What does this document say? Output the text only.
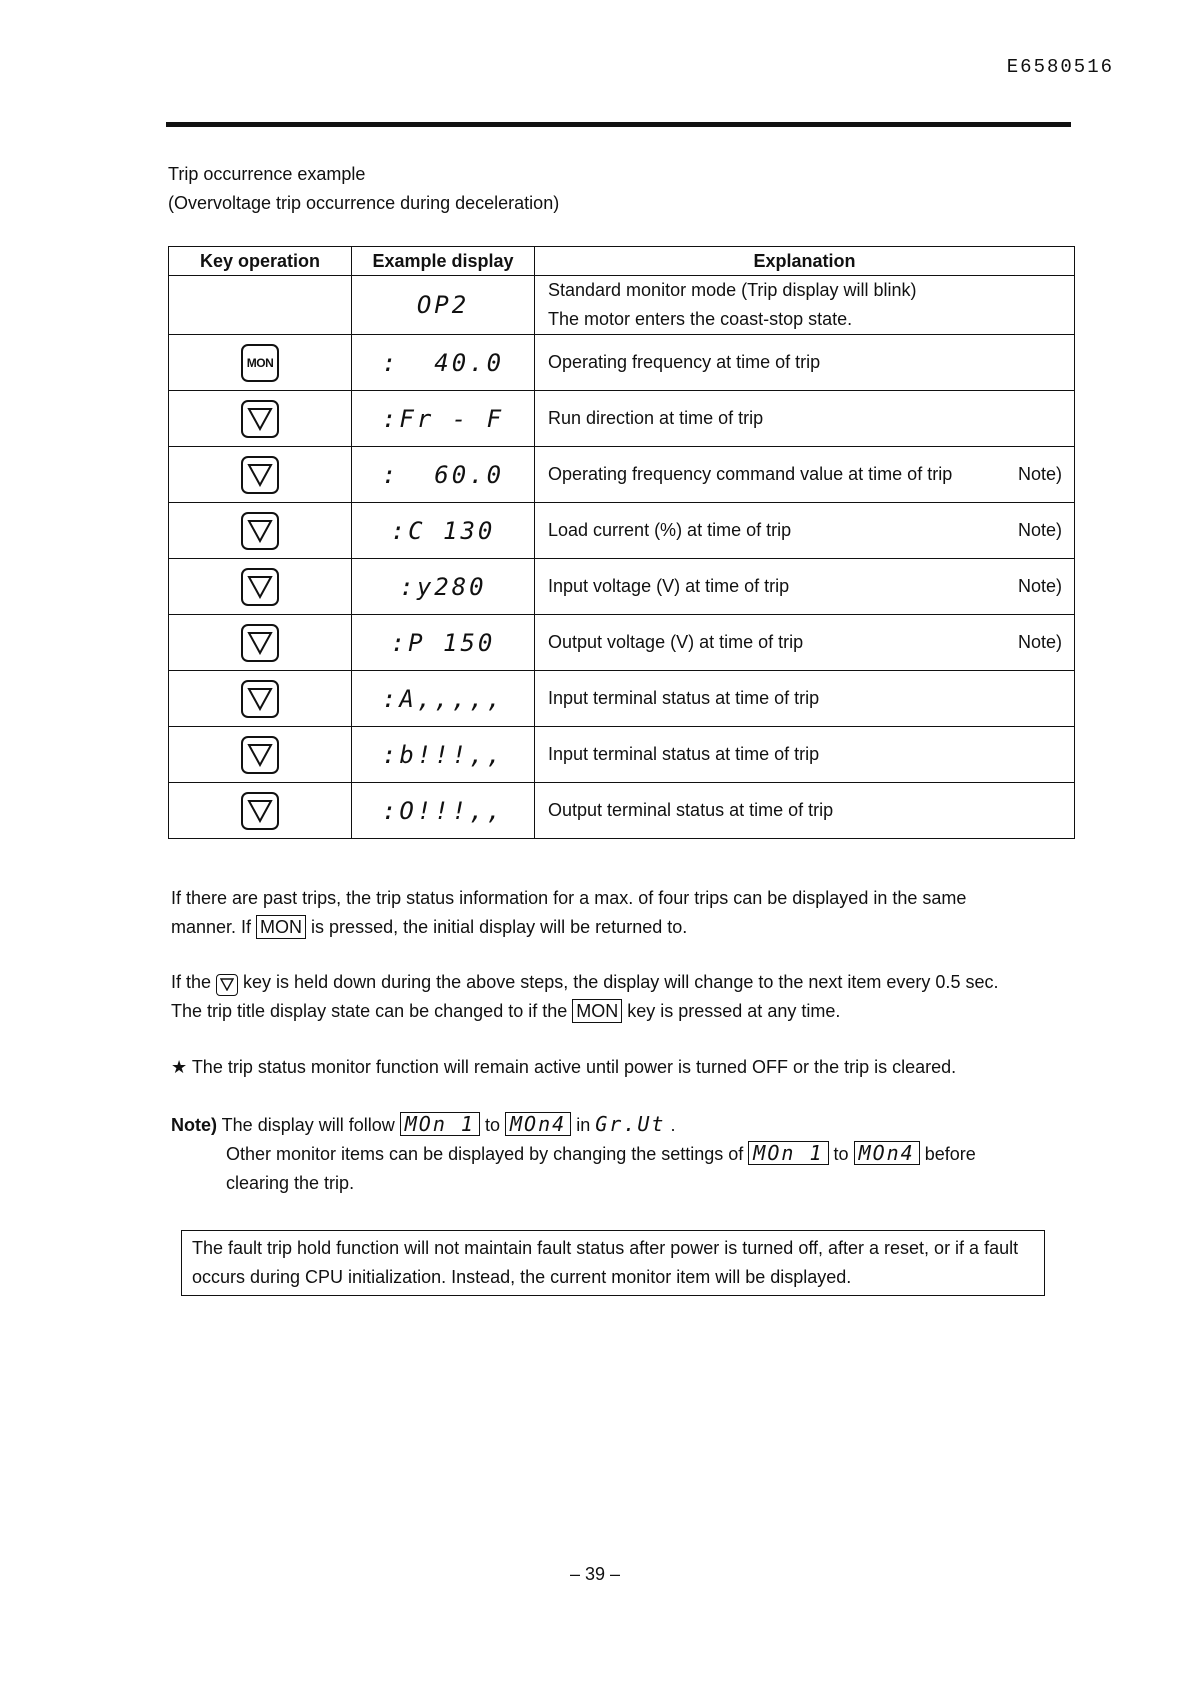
E6580516
Trip occurrence example
(Overvoltage trip occurrence during deceleration)
Key operation	Example display	Explanation
	OP2	Standard monitor mode (Trip display will blink)
The motor enters the coast-stop state.

MON	:  40.0	Operating frequency at time of trip

	:Fr - F	Run direction at time of trip

	:  60.0	Operating frequency command value at time of trip Note)

	:C 130	Load current (%) at time of trip Note)

	:y280	Input voltage (V) at time of trip Note)

	:P 150	Output voltage (V) at time of trip Note)

	:A,,,,,	Input terminal status at time of trip

	:b!!!,,	Input terminal status at time of trip

	:O!!!,,	Output terminal status at time of trip
If there are past trips, the trip status information for a max. of four trips can be displayed in the same
manner. If MON is pressed, the initial display will be returned to.
If the  key is held down during the above steps, the display will change to the next item every 0.5 sec.
The trip title display state can be changed to if the MON key is pressed at any time.
★ The trip status monitor function will remain active until power is turned OFF or the trip is cleared.
Note) The display will follow MOn 1 to MOn4 in Gr.Ut .
Other monitor items can be displayed by changing the settings of MOn 1 to MOn4 before
clearing the trip.
The fault trip hold function will not maintain fault status after power is turned off, after a reset, or if a fault occurs during CPU initialization. Instead, the current monitor item will be displayed.
– 39 –
